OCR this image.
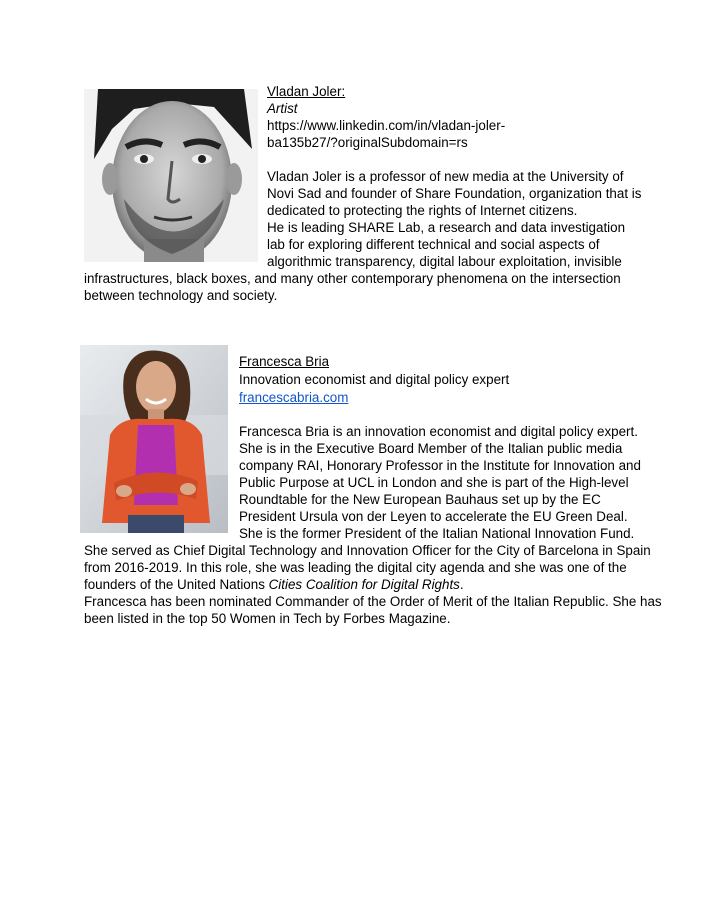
Vladan Joler:
Artist
https://www.linkedin.com/in/vladan-joler-
ba135b27/?originalSubdomain=rs
Vladan Joler is a professor of new media at the University of
Novi Sad and founder of Share Foundation, organization that is
dedicated to protecting the rights of Internet citizens.
He is leading SHARE Lab, a research and data investigation
lab for exploring different technical and social aspects of
algorithmic transparency, digital labour exploitation, invisible
infrastructures, black boxes, and many other contemporary phenomena on the intersection
between technology and society.
Francesca Bria
Innovation economist and digital policy expert
francescabria.com
Francesca Bria is an innovation economist and digital policy expert.
She is in the Executive Board Member of the Italian public media
company RAI, Honorary Professor in the Institute for Innovation and
Public Purpose at UCL in London and she is part of the High-level
Roundtable for the New European Bauhaus set up by the EC
President Ursula von der Leyen to accelerate the EU Green Deal.
She is the former President of the Italian National Innovation Fund.
She served as Chief Digital Technology and Innovation Officer for the City of Barcelona in Spain
from 2016-2019. In this role, she was leading the digital city agenda and she was one of the
founders of the United Nations Cities Coalition for Digital Rights.
Francesca has been nominated Commander of the Order of Merit of the Italian Republic. She has
been listed in the top 50 Women in Tech by Forbes Magazine.
